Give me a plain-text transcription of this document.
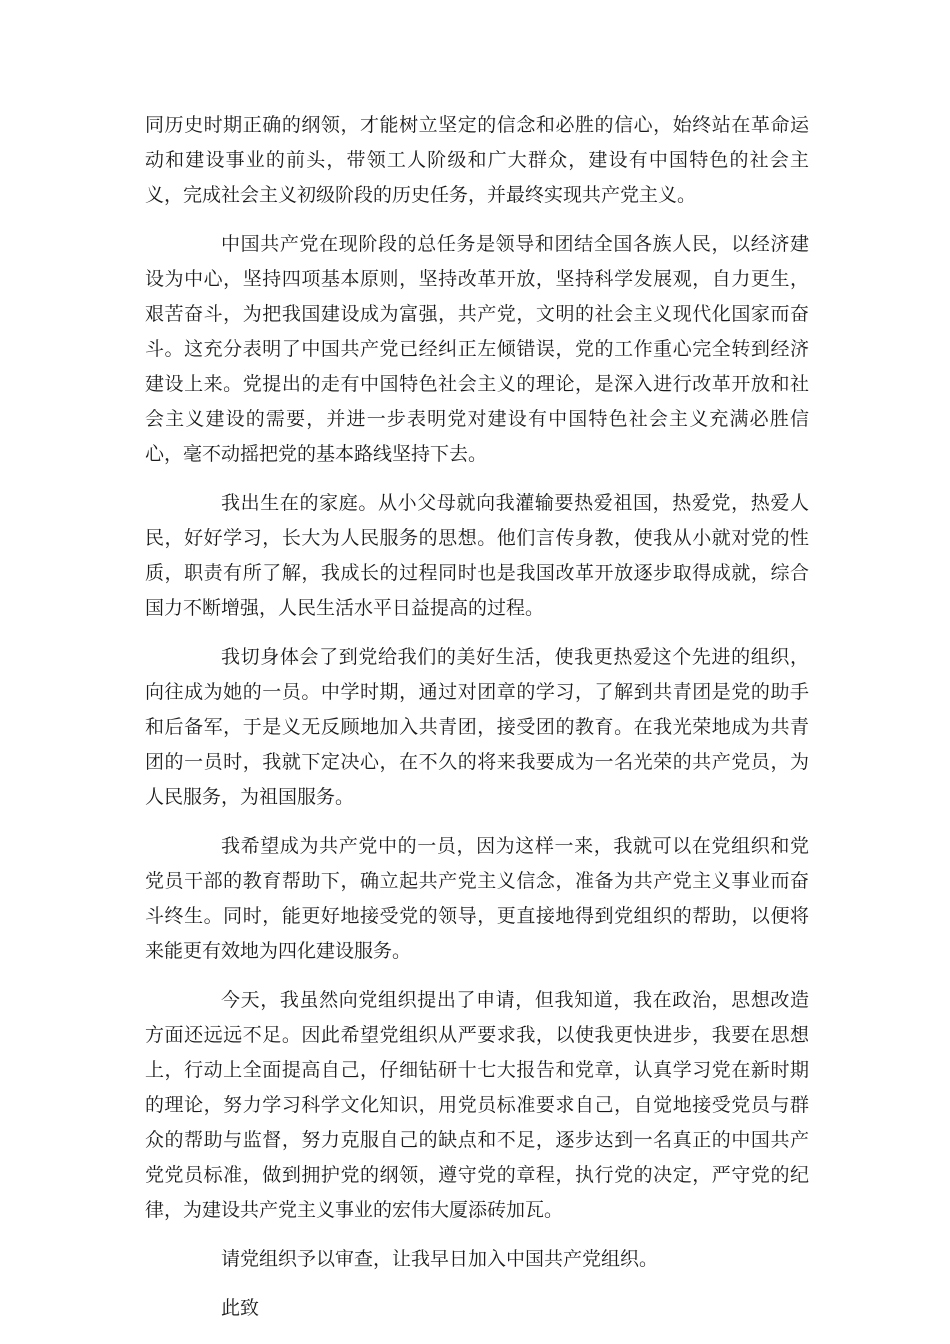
同历史时期正确的纲领，才能树立坚定的信念和必胜的信心，始终站在革命运动和建设事业的前头，带领工人阶级和广大群众，建设有中国特色的社会主义，完成社会主义初级阶段的历史任务，并最终实现共产党主义。

中国共产党在现阶段的总任务是领导和团结全国各族人民，以经济建设为中心，坚持四项基本原则，坚持改革开放，坚持科学发展观，自力更生，艰苦奋斗，为把我国建设成为富强，共产党，文明的社会主义现代化国家而奋斗。这充分表明了中国共产党已经纠正左倾错误，党的工作重心完全转到经济建设上来。党提出的走有中国特色社会主义的理论，是深入进行改革开放和社会主义建设的需要，并进一步表明党对建设有中国特色社会主义充满必胜信心，毫不动摇把党的基本路线坚持下去。

我出生在的家庭。从小父母就向我灌输要热爱祖国，热爱党，热爱人民，好好学习，长大为人民服务的思想。他们言传身教，使我从小就对党的性质，职责有所了解，我成长的过程同时也是我国改革开放逐步取得成就，综合国力不断增强，人民生活水平日益提高的过程。

我切身体会了到党给我们的美好生活，使我更热爱这个先进的组织，向往成为她的一员。中学时期，通过对团章的学习，了解到共青团是党的助手和后备军，于是义无反顾地加入共青团，接受团的教育。在我光荣地成为共青团的一员时，我就下定决心，在不久的将来我要成为一名光荣的共产党员，为人民服务，为祖国服务。

我希望成为共产党中的一员，因为这样一来，我就可以在党组织和党党员干部的教育帮助下，确立起共产党主义信念，准备为共产党主义事业而奋斗终生。同时，能更好地接受党的领导，更直接地得到党组织的帮助，以便将来能更有效地为四化建设服务。

今天，我虽然向党组织提出了申请，但我知道，我在政治，思想改造方面还远远不足。因此希望党组织从严要求我，以使我更快进步，我要在思想上，行动上全面提高自己，仔细钻研十七大报告和党章，认真学习党在新时期的理论，努力学习科学文化知识，用党员标准要求自己，自觉地接受党员与群众的帮助与监督，努力克服自己的缺点和不足，逐步达到一名真正的中国共产党党员标准，做到拥护党的纲领，遵守党的章程，执行党的决定，严守党的纪律，为建设共产党主义事业的宏伟大厦添砖加瓦。

请党组织予以审查，让我早日加入中国共产党组织。

此致
